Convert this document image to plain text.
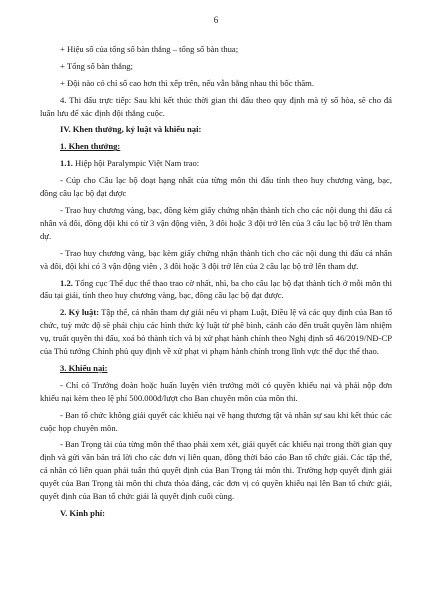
6

+ Hiệu số của tổng số bàn thắng – tổng số bàn thua;

+ Tổng số bàn thắng;

+ Đội nào có chỉ số cao hơn thì xếp trên, nếu vẫn bằng nhau thì bốc thăm.

4. Thi đấu trực tiếp: Sau khi kết thúc thời gian thi đấu theo quy định mà tỷ số hòa, sẽ cho đá luân lưu để xác định đội thắng cuộc.

IV. Khen thưởng, kỷ luật và khiếu nại:
1. Khen thưởng:

1.1. Hiệp hội Paralympic Việt Nam trao:

- Cúp cho Câu lạc bộ đoạt hạng nhất của từng môn thi đấu tính theo huy chương vàng, bạc, đồng câu lạc bộ đạt được

- Trao huy chương vàng, bạc, đồng kèm giấy chứng nhận thành tích cho các nội dung thi đấu cá nhân và đôi, đồng đội khi có từ 3 vận động viên, 3 đôi hoặc 3 đội trở lên của 3 câu lạc bộ trở lên tham dự.

- Trao huy chương vàng, bạc kèm giấy chứng nhận thành tích cho các nội dung thi đấu cá nhân và đôi, đội khi có 3 vận động viên , 3 đôi hoặc 3 đội trở lên của 2 câu lạc bộ trở lên tham dự.

1.2. Tổng cục Thể dục thể thao trao cờ nhất, nhì, ba cho câu lạc bộ đạt thành tích ở mỗi môn thi đấu tại giải, tính theo huy chương vàng, bạc, đồng câu lạc bộ đạt được.

2. Kỷ luật: Tập thể, cá nhân tham dự giải nếu vi phạm Luật, Điều lệ và các quy định của Ban tổ chức, tuỳ mức độ sẽ phải chịu các hình thức kỷ luật từ phê bình, cảnh cáo đến truất quyền làm nhiệm vụ, truất quyền thi đấu, xoá bỏ thành tích và bị xử phạt hành chính theo Nghị định số 46/2019/NĐ-CP của Thủ tướng Chính phủ quy định về xử phạt vi phạm hành chính trong lĩnh vực thể dục thể thao.

3. Khiếu nại:

- Chỉ có Trưởng đoàn hoặc huấn luyện viên trưởng mới có quyền khiếu nại và phải nộp đơn khiếu nại kèm theo lệ phí 500.000đ/lượt cho Ban chuyên môn của môn thi.

- Ban tổ chức không giải quyết các khiếu nại về hạng thương tật và nhân sự sau khi kết thúc các cuộc họp chuyên môn.

- Ban Trọng tài của từng môn thể thao phải xem xét, giải quyết các khiếu nại trong thời gian quy định và gửi văn bản trả lời cho các đơn vị liên quan, đồng thời báo cáo Ban tổ chức giải. Các tập thể, cá nhân có liên quan phải tuân thủ quyết định của Ban Trọng tài môn thi. Trường hợp quyết định giải quyết của Ban Trọng tài môn thi chưa thỏa đáng, các đơn vị có quyền khiếu nại lên Ban tổ chức giải, quyết định của Ban tổ chức giải là quyết định cuối cùng.

V. Kinh phí:
